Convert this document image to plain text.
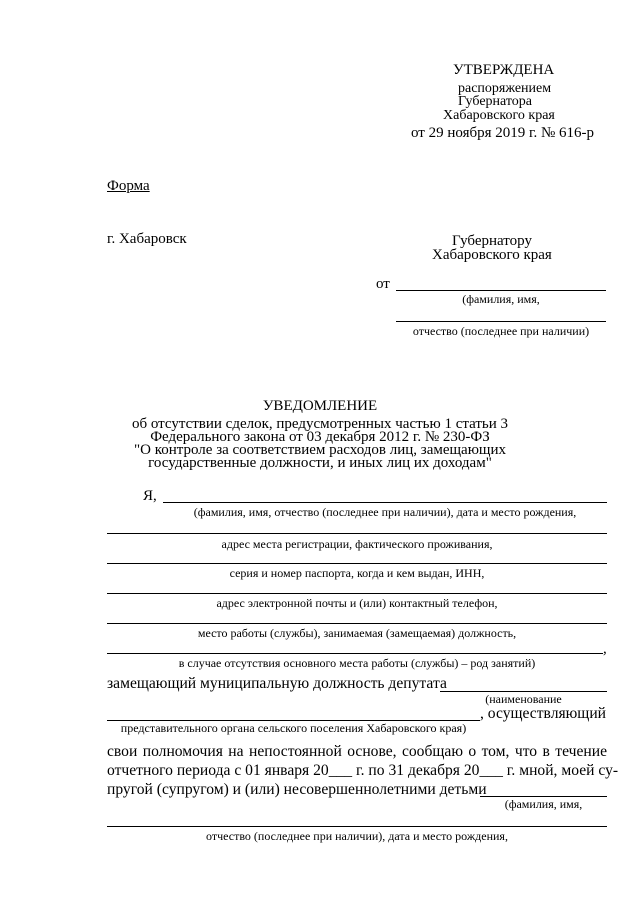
УТВЕРЖДЕНА
распоряжением
Губернатора
Хабаровского края
от 29 ноября 2019 г. № 616-р
Форма
г. Хабаровск	Губернатору
Хабаровского края
от
(фамилия, имя,
отчество (последнее при наличии)
УВЕДОМЛЕНИЕ
об отсутствии сделок, предусмотренных частью 1 статьи 3
Федерального закона от 03 декабря 2012 г. № 230-ФЗ
"О контроле за соответствием расходов лиц, замещающих
государственные должности, и иных лиц их доходам"
Я,
(фамилия, имя, отчество (последнее при наличии), дата и место рождения,
адрес места регистрации, фактического проживания,
серия и номер паспорта, когда и кем выдан, ИНН,
адрес электронной почты и (или) контактный телефон,
место работы (службы), занимаемая (замещаемая) должность,
,
в случае отсутствия основного места работы (службы) – род занятий)
замещающий муниципальную должность депутата
(наименование
, осуществляющий
представительного органа сельского поселения Хабаровского края)
свои полномочия на непостоянной основе, сообщаю о том, что в течение
отчетного периода с 01 января 20___ г. по 31 декабря 20___ г. мной, моей су-
пругой (супругом) и (или) несовершеннолетними детьми
(фамилия, имя,
отчество (последнее при наличии), дата и место рождения,
